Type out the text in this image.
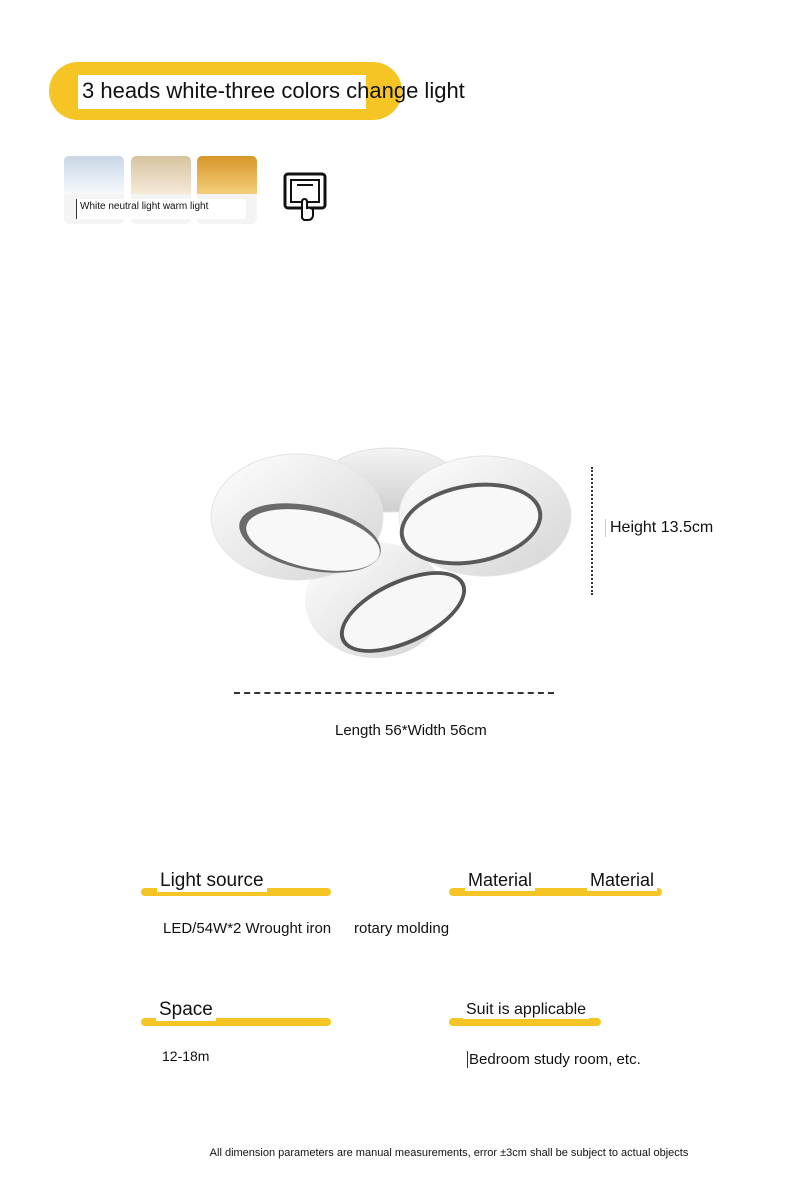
3 heads white-three colors change light
White neutral light warm light
Height 13.5cm
Length 56*Width 56cm
Light source
LED/54W*2 Wrought iron
Material	Material
rotary molding
Space
12-18m
Suit is applicable
Bedroom study room, etc.
All dimension parameters are manual measurements, error ±3cm shall be subject to actual objects
